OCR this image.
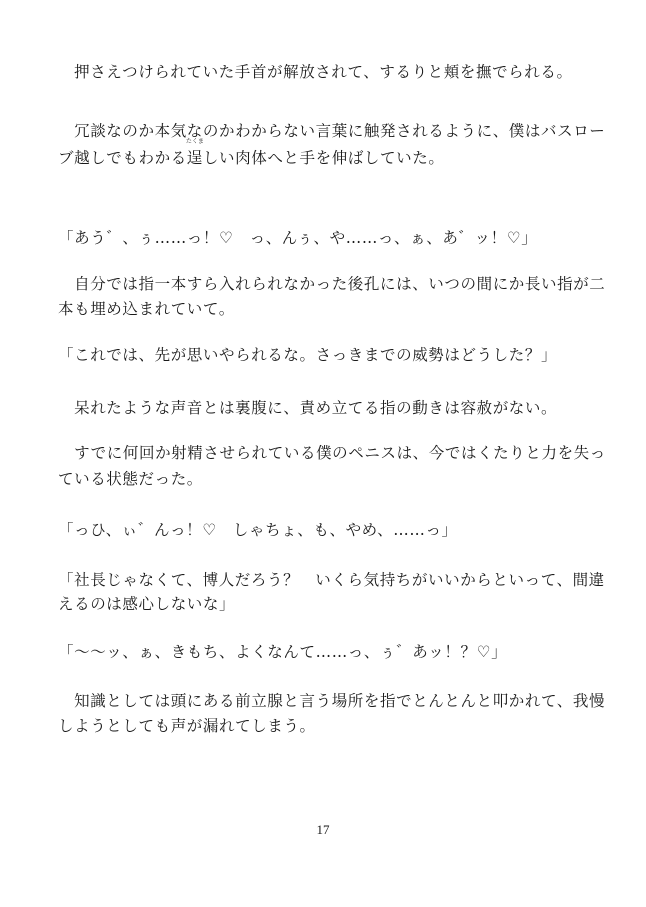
　押さえつけられていた手首が解放されて、するりと頬を撫でられる。
　冗談なのか本気なのかわからない言葉に触発されるように、僕はバスロー
ブ越しでもわかる
たくま
逞しい肉体へと手を伸ばしていた。
「あう゛、ぅ……っ！♡　っ、んぅ、や……っ、ぁ、あ゛ッ！♡」
　自分では指一本すら入れられなかった後孔には、いつの間にか長い指が二
本も埋め込まれていて。
「これでは、先が思いやられるな。さっきまでの威勢はどうした？」
　呆れたような声音とは裏腹に、責め立てる指の動きは容赦がない。
　すでに何回か射精させられている僕のペニスは、今ではくたりと力を失っ
ている状態だった。
「っひ、ぃ゛んっ！♡　しゃちょ、も、やめ、……っ」
「社長じゃなくて、博人だろう？　いくら気持ちがいいからといって、間違
えるのは感心しないな」
「～～ッ、ぁ、きもち、よくなんて……っ、ぅ゛あッ！？♡」
　知識としては頭にある前立腺と言う場所を指でとんとんと叩かれて、我慢
しようとしても声が漏れてしまう。
17
